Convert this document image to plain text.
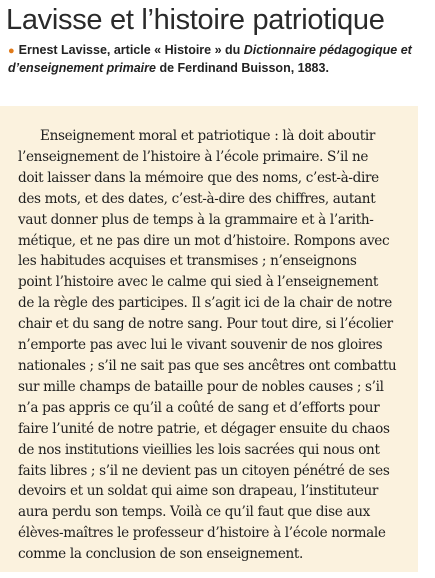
Lavisse et l’histoire patriotique
● Ernest Lavisse, article « Histoire » du Dictionnaire pédagogique et d’enseignement primaire de Ferdinand Buisson, 1883.

Enseignement moral et patriotique : là doit aboutir
l’enseignement de l’histoire à l’école primaire. S’il ne
doit laisser dans la mémoire que des noms, c’est-à-dire
des mots, et des dates, c’est-à-dire des chiffres, autant
vaut donner plus de temps à la grammaire et à l’arith-
métique, et ne pas dire un mot d’histoire. Rompons avec
les habitudes acquises et transmises ; n’enseignons
point l’histoire avec le calme qui sied à l’enseignement
de la règle des participes. Il s’agit ici de la chair de notre
chair et du sang de notre sang. Pour tout dire, si l’écolier
n’emporte pas avec lui le vivant souvenir de nos gloires
nationales ; s’il ne sait pas que ses ancêtres ont combattu
sur mille champs de bataille pour de nobles causes ; s’il
n’a pas appris ce qu’il a coûté de sang et d’efforts pour
faire l’unité de notre patrie, et dégager ensuite du chaos
de nos institutions vieillies les lois sacrées qui nous ont
faits libres ; s’il ne devient pas un citoyen pénétré de ses
devoirs et un soldat qui aime son drapeau, l’instituteur
aura perdu son temps. Voilà ce qu’il faut que dise aux
élèves-maîtres le professeur d’histoire à l’école normale
comme la conclusion de son enseignement.
